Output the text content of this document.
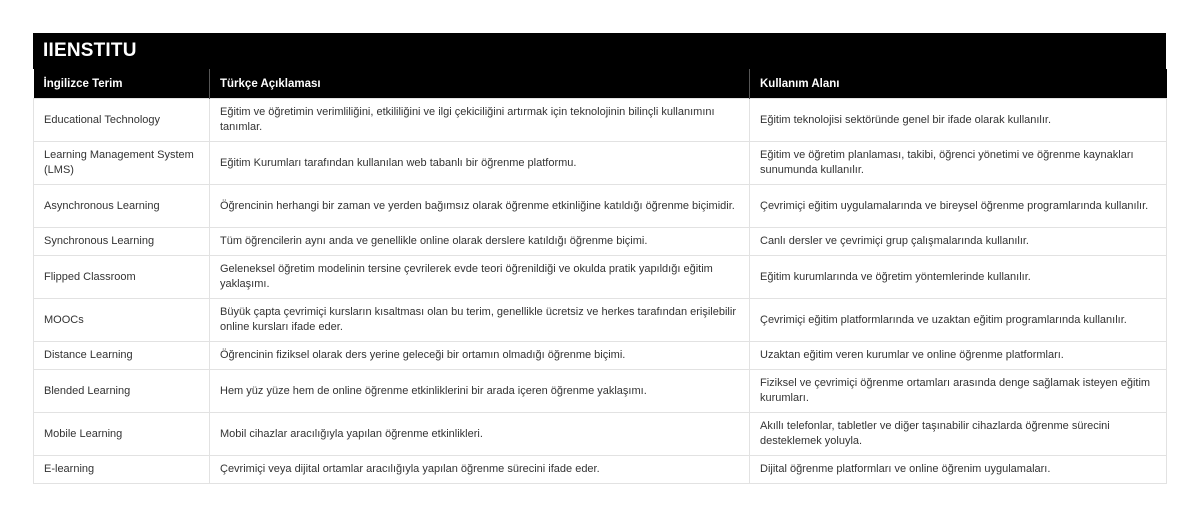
IIENSTITU
İngilizce Terim	Türkçe Açıklaması	Kullanım Alanı
Educational Technology	Eğitim ve öğretimin verimliliğini, etkililiğini ve ilgi çekiciliğini artırmak için teknolojinin bilinçli kullanımını tanımlar.	Eğitim teknolojisi sektöründe genel bir ifade olarak kullanılır.
Learning Management System (LMS)	Eğitim Kurumları tarafından kullanılan web tabanlı bir öğrenme platformu.	Eğitim ve öğretim planlaması, takibi, öğrenci yönetimi ve öğrenme kaynakları sunumunda kullanılır.
Asynchronous Learning	Öğrencinin herhangi bir zaman ve yerden bağımsız olarak öğrenme etkinliğine katıldığı öğrenme biçimidir.	Çevrimiçi eğitim uygulamalarında ve bireysel öğrenme programlarında kullanılır.
Synchronous Learning	Tüm öğrencilerin aynı anda ve genellikle online olarak derslere katıldığı öğrenme biçimi.	Canlı dersler ve çevrimiçi grup çalışmalarında kullanılır.
Flipped Classroom	Geleneksel öğretim modelinin tersine çevrilerek evde teori öğrenildiği ve okulda pratik yapıldığı eğitim yaklaşımı.	Eğitim kurumlarında ve öğretim yöntemlerinde kullanılır.
MOOCs	Büyük çapta çevrimiçi kursların kısaltması olan bu terim, genellikle ücretsiz ve herkes tarafından erişilebilir online kursları ifade eder.	Çevrimiçi eğitim platformlarında ve uzaktan eğitim programlarında kullanılır.
Distance Learning	Öğrencinin fiziksel olarak ders yerine geleceği bir ortamın olmadığı öğrenme biçimi.	Uzaktan eğitim veren kurumlar ve online öğrenme platformları.
Blended Learning	Hem yüz yüze hem de online öğrenme etkinliklerini bir arada içeren öğrenme yaklaşımı.	Fiziksel ve çevrimiçi öğrenme ortamları arasında denge sağlamak isteyen eğitim kurumları.
Mobile Learning	Mobil cihazlar aracılığıyla yapılan öğrenme etkinlikleri.	Akıllı telefonlar, tabletler ve diğer taşınabilir cihazlarda öğrenme sürecini desteklemek yoluyla.
E-learning	Çevrimiçi veya dijital ortamlar aracılığıyla yapılan öğrenme sürecini ifade eder.	Dijital öğrenme platformları ve online öğrenim uygulamaları.
